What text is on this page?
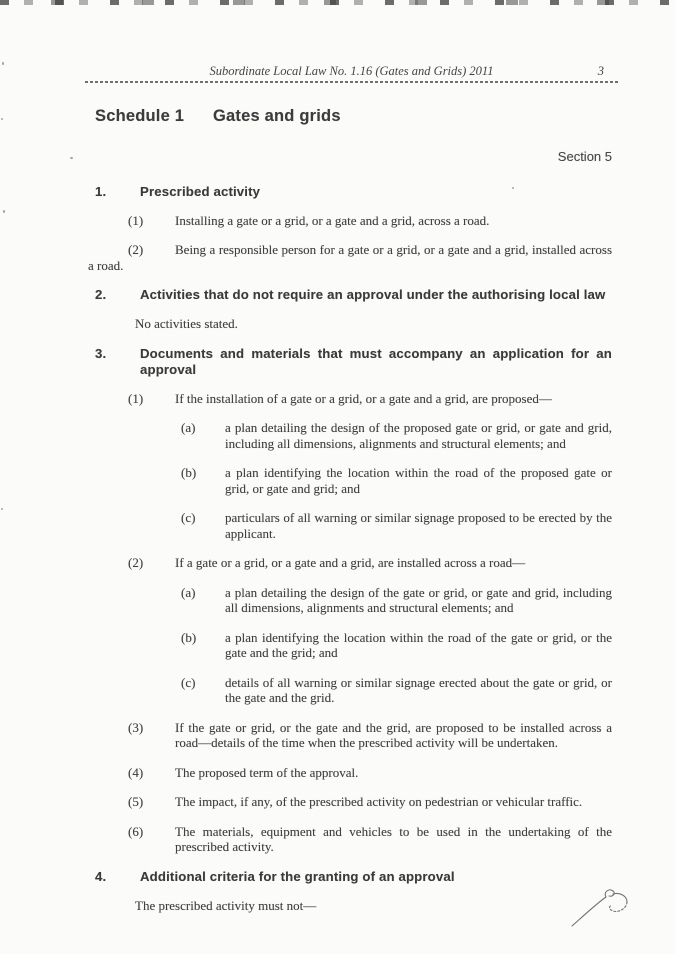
Subordinate Local Law No. 1.16 (Gates and Grids) 2011	3
Schedule 1	Gates and grids
Section 5
1.	Prescribed activity
(1)	Installing a gate or a grid, or a gate and a grid, across a road.
(2) Being a responsible person for a gate or a grid, or a gate and a grid, installed across a road.
2.	Activities that do not require an approval under the authorising local law
No activities stated.
3.	Documents and materials that must accompany an application for an approval
(1)	If the installation of a gate or a grid, or a gate and a grid, are proposed—
(a)	a plan detailing the design of the proposed gate or grid, or gate and grid, including all dimensions, alignments and structural elements; and
(b)	a plan identifying the location within the road of the proposed gate or grid, or gate and grid; and
(c)	particulars of all warning or similar signage proposed to be erected by the applicant.
(2)	If a gate or a grid, or a gate and a grid, are installed across a road—
(a)	a plan detailing the design of the gate or grid, or gate and grid, including all dimensions, alignments and structural elements; and
(b)	a plan identifying the location within the road of the gate or grid, or the gate and the grid; and
(c)	details of all warning or similar signage erected about the gate or grid, or the gate and the grid.
(3)	If the gate or grid, or the gate and the grid, are proposed to be installed across a road—details of the time when the prescribed activity will be undertaken.
(4)	The proposed term of the approval.
(5)	The impact, if any, of the prescribed activity on pedestrian or vehicular traffic.
(6)	The materials, equipment and vehicles to be used in the undertaking of the prescribed activity.
4.	Additional criteria for the granting of an approval
The prescribed activity must not—
